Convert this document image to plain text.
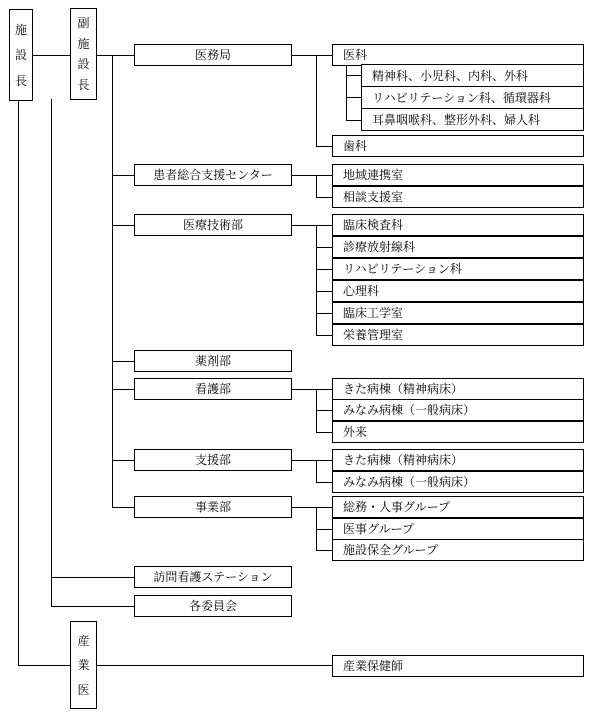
施
設
長
副
施
設
長
産
業
医
医務局
患者総合支援センター
医療技術部
薬剤部
看護部
支援部
事業部
訪問看護ステーション
各委員会
医科
精神科、小児科、内科、外科
リハビリテーション科、循環器科
耳鼻咽喉科、整形外科、婦人科
歯科
地域連携室
相談支援室
臨床検査科
診療放射線科
リハビリテーション科
心理科
臨床工学室
栄養管理室
きた病棟（精神病床）
みなみ病棟（一般病床）
外来
きた病棟（精神病床）
みなみ病棟（一般病床）
総務・人事グループ
医事グループ
施設保全グループ
産業保健師
